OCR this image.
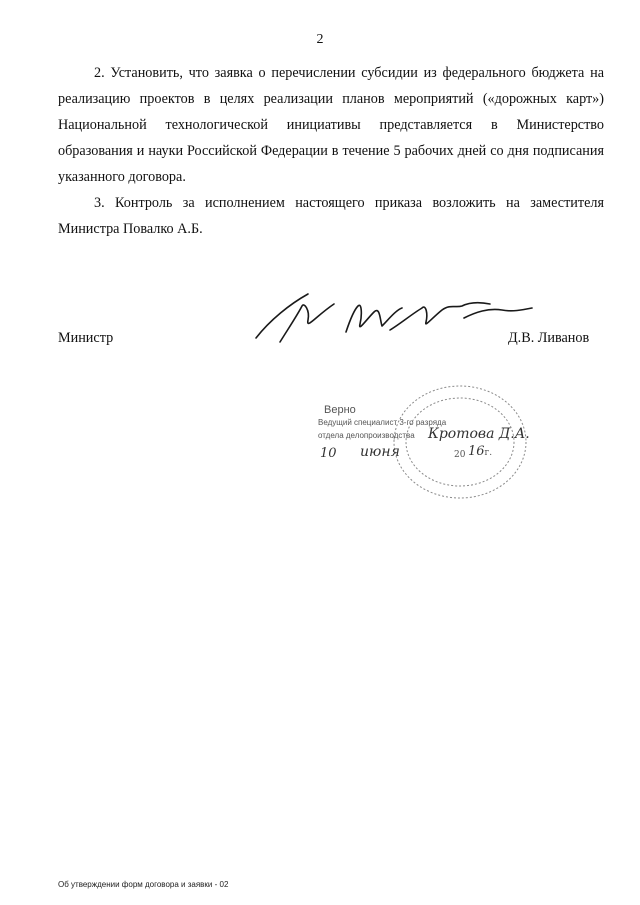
2

2. Установить, что заявка о перечислении субсидии из федерального бюджета на реализацию проектов в целях реализации планов мероприятий («дорожных карт») Национальной технологической инициативы представляется в Министерство образования и науки Российской Федерации в течение 5 рабочих дней со дня подписания указанного договора.

3. Контроль за исполнением настоящего приказа возложить на заместителя Министра Повалко А.Б.

Министр	Д.В. Ливанов
Верно
Ведущий специалист 3-го разряда
отдела делопроизводства Кротова Д.А.
10 июня	20 16г.
Об утверждении форм договора и заявки - 02
